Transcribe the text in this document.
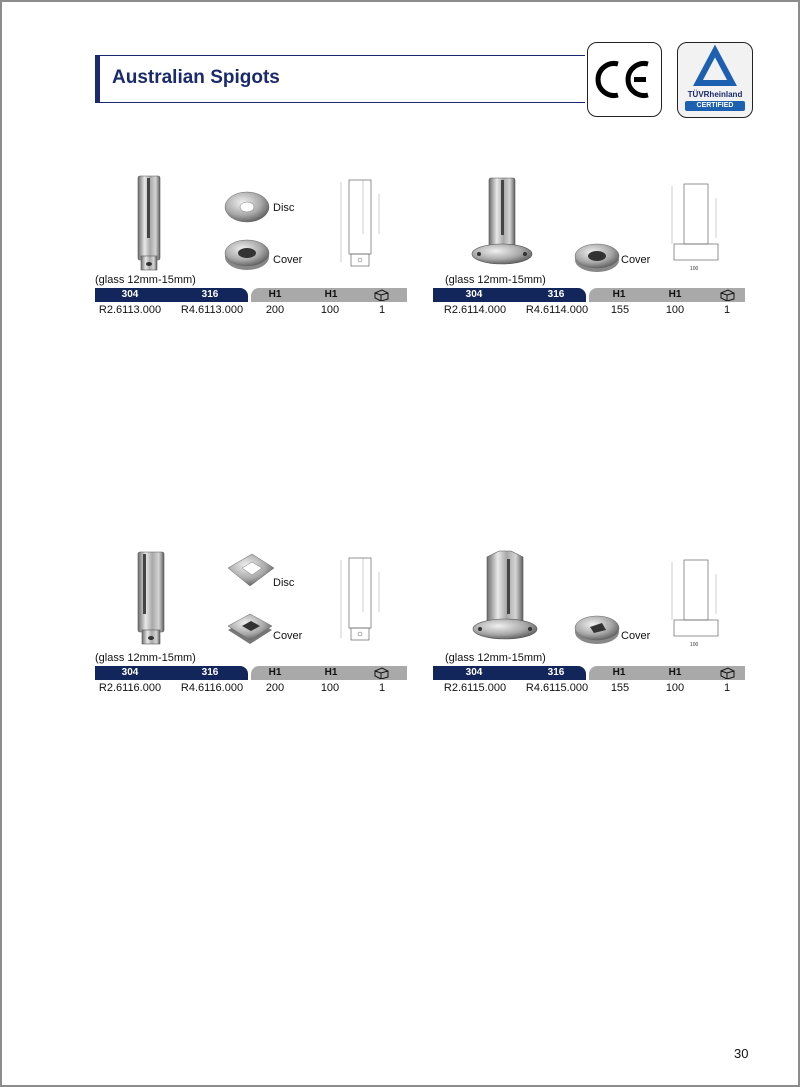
Australian Spigots
TÜVRheinland
CERTIFIED
Disc
Cover
(glass 12mm-15mm)
304	316	H1	H1
R2.6113.000	R4.6113.000	200	100	1
Cover
100
(glass 12mm-15mm)
304	316	H1	H1
R2.6114.000	R4.6114.000	155	100	1
Disc
Cover
(glass 12mm-15mm)
304	316	H1	H1
R2.6116.000	R4.6116.000	200	100	1
Cover
100
(glass 12mm-15mm)
304	316	H1	H1
R2.6115.000	R4.6115.000	155	100	1
30
